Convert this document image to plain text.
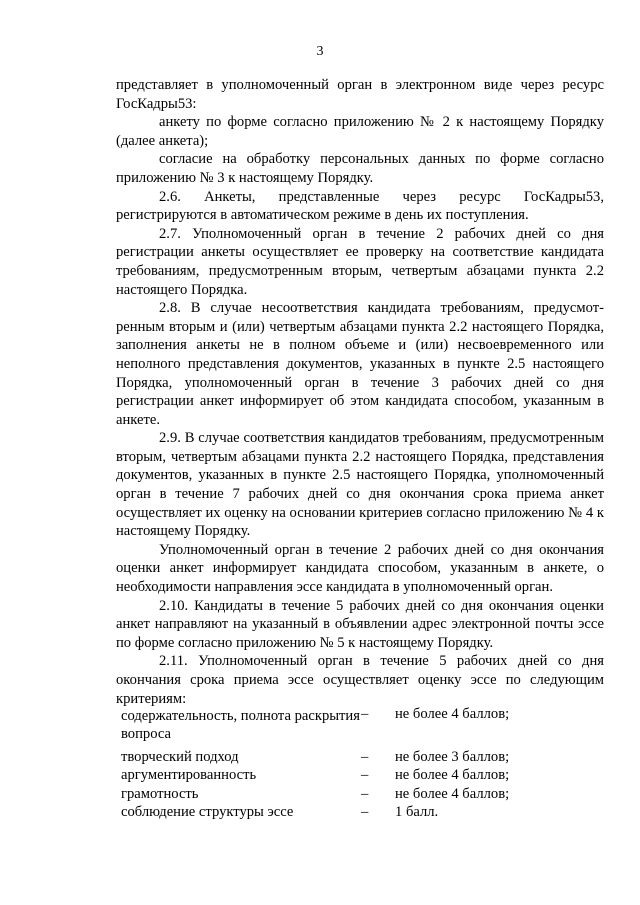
3

представляет в уполномоченный орган в электронном виде через ресурс ГосКадры53:

анкету по форме согласно приложению № 2 к настоящему Порядку (далее анкета);

согласие на обработку персональных данных по форме согласно приложению № 3 к настоящему Порядку.

2.6. Анкеты, представленные через ресурс ГосКадры53, регистрируются в автоматическом режиме в день их поступления.

2.7. Уполномоченный орган в течение 2 рабочих дней со дня регистрации анкеты осуществляет ее проверку на соответствие кандидата требованиям, предусмотренным вторым, четвертым абзацами пункта 2.2 настоящего Порядка.

2.8. В случае несоответствия кандидата требованиям, предусмотренным вторым и (или) четвертым абзацами пункта 2.2 настоящего Порядка, заполнения анкеты не в полном объеме и (или) несвоевременного или неполного представления документов, указанных в пункте 2.5 настоящего Порядка, уполномоченный орган в течение 3 рабочих дней со дня регистрации анкет информирует об этом кандидата способом, указанным в анкете.

2.9. В случае соответствия кандидатов требованиям, предусмотренным вторым, четвертым абзацами пункта 2.2 настоящего Порядка, представления документов, указанных в пункте 2.5 настоящего Порядка, уполномоченный орган в течение 7 рабочих дней со дня окончания срока приема анкет осуществляет их оценку на основании критериев согласно приложению № 4 к настоящему Порядку.

Уполномоченный орган в течение 2 рабочих дней со дня окончания оценки анкет информирует кандидата способом, указанным в анкете, о необходимости направления эссе кандидата в уполномоченный орган.

2.10. Кандидаты в течение 5 рабочих дней со дня окончания оценки анкет направляют на указанный в объявлении адрес электронной почты эссе по форме согласно приложению № 5 к настоящему Порядку.

2.11. Уполномоченный орган в течение 5 рабочих дней со дня окончания срока приема эссе осуществляет оценку эссе по следующим критериям:

содержательность, полнота раскрытия вопроса	–	не более 4 баллов;
творческий подход	–	не более 3 баллов;
аргументированность	–	не более 4 баллов;
грамотность	–	не более 4 баллов;
соблюдение структуры эссе	–	1 балл.
